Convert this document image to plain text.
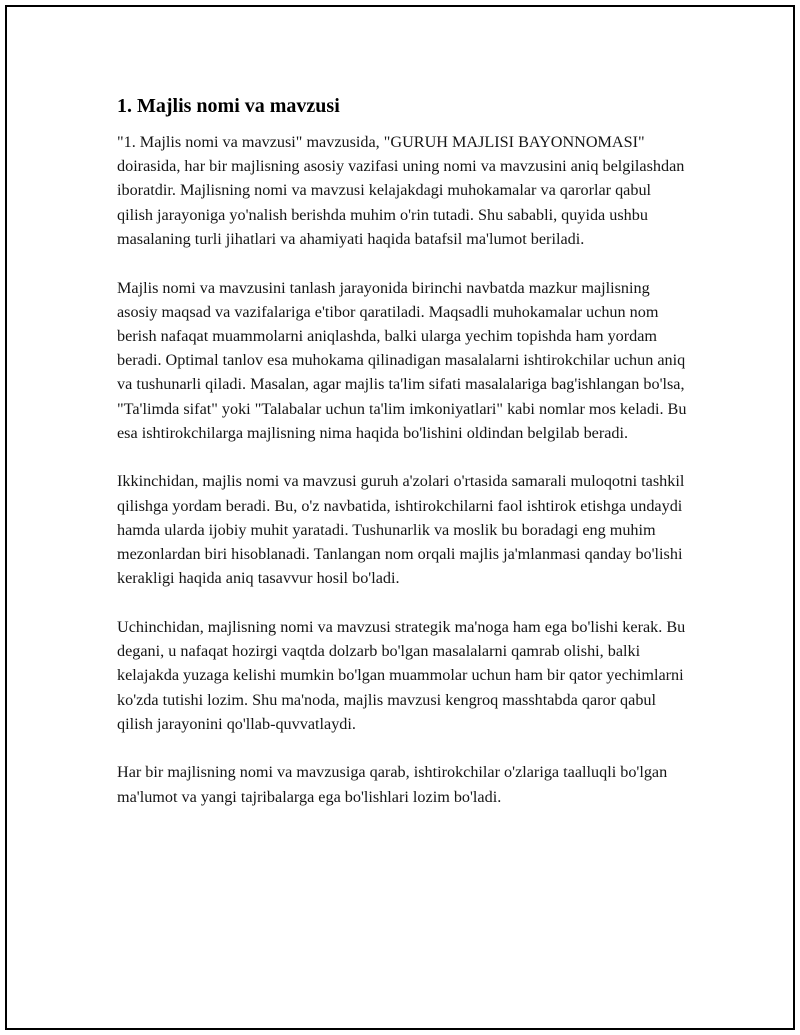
1. Majlis nomi va mavzusi

"1. Majlis nomi va mavzusi" mavzusida, "GURUH MAJLISI BAYONNOMASI" doirasida, har bir majlisning asosiy vazifasi uning nomi va mavzusini aniq belgilashdan iboratdir. Majlisning nomi va mavzusi kelajakdagi muhokamalar va qarorlar qabul qilish jarayoniga yo'nalish berishda muhim o'rin tutadi. Shu sababli, quyida ushbu masalaning turli jihatlari va ahamiyati haqida batafsil ma'lumot beriladi.

Majlis nomi va mavzusini tanlash jarayonida birinchi navbatda mazkur majlisning asosiy maqsad va vazifalariga e'tibor qaratiladi. Maqsadli muhokamalar uchun nom berish nafaqat muammolarni aniqlashda, balki ularga yechim topishda ham yordam beradi. Optimal tanlov esa muhokama qilinadigan masalalarni ishtirokchilar uchun aniq va tushunarli qiladi. Masalan, agar majlis ta'lim sifati masalalariga bag'ishlangan bo'lsa, "Ta'limda sifat" yoki "Talabalar uchun ta'lim imkoniyatlari" kabi nomlar mos keladi. Bu esa ishtirokchilarga majlisning nima haqida bo'lishini oldindan belgilab beradi.

Ikkinchidan, majlis nomi va mavzusi guruh a'zolari o'rtasida samarali muloqotni tashkil qilishga yordam beradi. Bu, o'z navbatida, ishtirokchilarni faol ishtirok etishga undaydi hamda ularda ijobiy muhit yaratadi. Tushunarlik va moslik bu boradagi eng muhim mezonlardan biri hisoblanadi. Tanlangan nom orqali majlis ja'mlanmasi qanday bo'lishi kerakligi haqida aniq tasavvur hosil bo'ladi.

Uchinchidan, majlisning nomi va mavzusi strategik ma'noga ham ega bo'lishi kerak. Bu degani, u nafaqat hozirgi vaqtda dolzarb bo'lgan masalalarni qamrab olishi, balki kelajakda yuzaga kelishi mumkin bo'lgan muammolar uchun ham bir qator yechimlarni ko'zda tutishi lozim. Shu ma'noda, majlis mavzusi kengroq masshtabda qaror qabul qilish jarayonini qo'llab-quvvatlaydi.

Har bir majlisning nomi va mavzusiga qarab, ishtirokchilar o'zlariga taalluqli bo'lgan ma'lumot va yangi tajribalarga ega bo'lishlari lozim bo'ladi.
